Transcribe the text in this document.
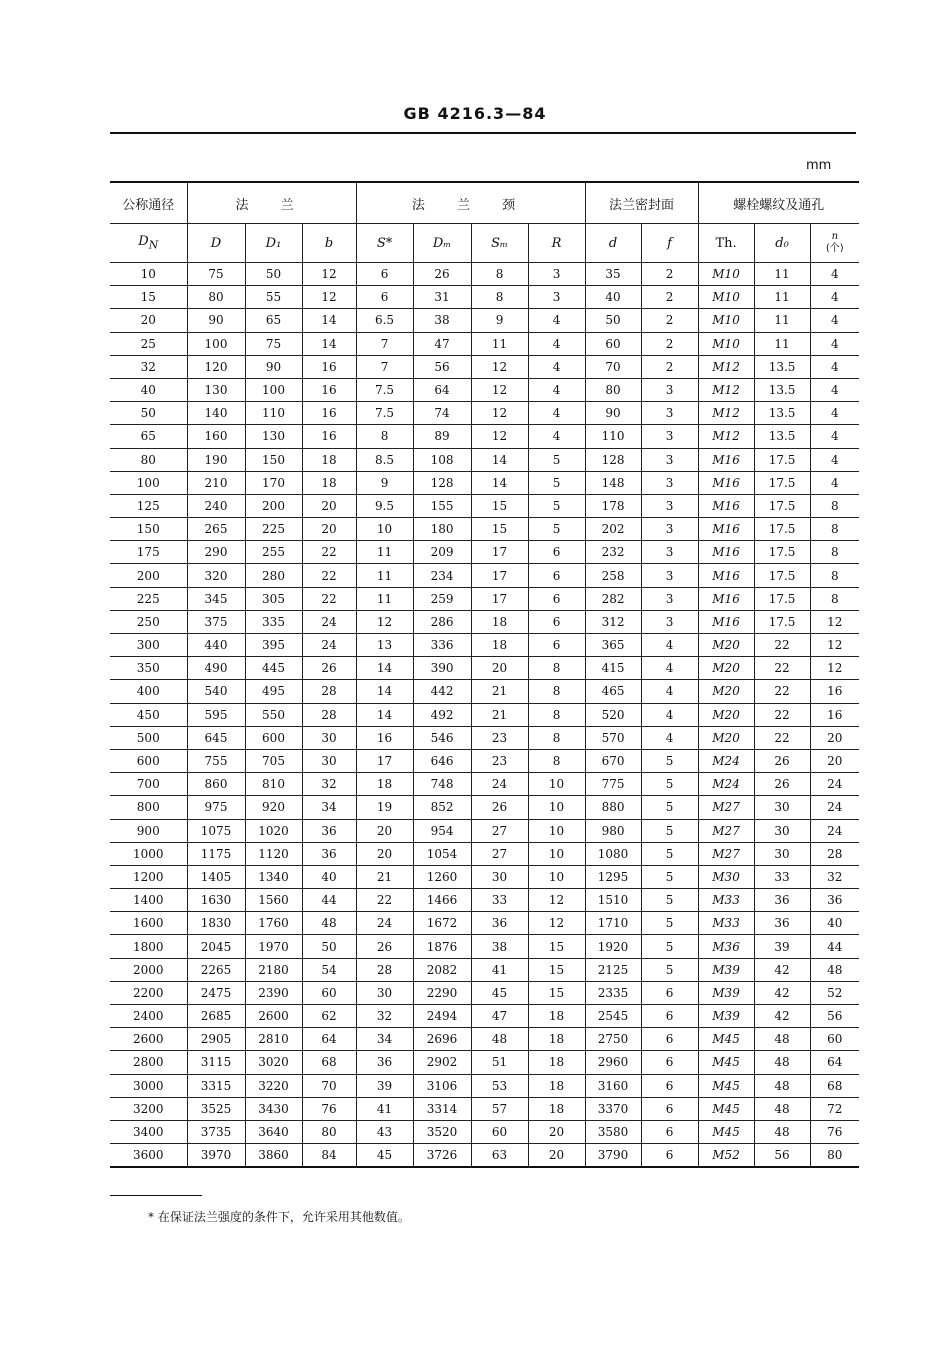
GB 4216.3—84
mm
公称通径	法 兰			法 兰 颈				法兰密封面		螺栓螺纹及通孔		
$D_N$	D	D₁	b	S*	Dₘ	Sₘ	R	d	f	Th.	d₀	n
(个)

10	75	50	12	6	26	8	3	35	2	M10	11	4
15	80	55	12	6	31	8	3	40	2	M10	11	4
20	90	65	14	6.5	38	9	4	50	2	M10	11	4
25	100	75	14	7	47	11	4	60	2	M10	11	4
32	120	90	16	7	56	12	4	70	2	M12	13.5	4
40	130	100	16	7.5	64	12	4	80	3	M12	13.5	4
50	140	110	16	7.5	74	12	4	90	3	M12	13.5	4
65	160	130	16	8	89	12	4	110	3	M12	13.5	4
80	190	150	18	8.5	108	14	5	128	3	M16	17.5	4
100	210	170	18	9	128	14	5	148	3	M16	17.5	4
125	240	200	20	9.5	155	15	5	178	3	M16	17.5	8
150	265	225	20	10	180	15	5	202	3	M16	17.5	8
175	290	255	22	11	209	17	6	232	3	M16	17.5	8
200	320	280	22	11	234	17	6	258	3	M16	17.5	8
225	345	305	22	11	259	17	6	282	3	M16	17.5	8
250	375	335	24	12	286	18	6	312	3	M16	17.5	12
300	440	395	24	13	336	18	6	365	4	M20	22	12
350	490	445	26	14	390	20	8	415	4	M20	22	12
400	540	495	28	14	442	21	8	465	4	M20	22	16
450	595	550	28	14	492	21	8	520	4	M20	22	16
500	645	600	30	16	546	23	8	570	4	M20	22	20
600	755	705	30	17	646	23	8	670	5	M24	26	20
700	860	810	32	18	748	24	10	775	5	M24	26	24
800	975	920	34	19	852	26	10	880	5	M27	30	24
900	1075	1020	36	20	954	27	10	980	5	M27	30	24
1000	1175	1120	36	20	1054	27	10	1080	5	M27	30	28
1200	1405	1340	40	21	1260	30	10	1295	5	M30	33	32
1400	1630	1560	44	22	1466	33	12	1510	5	M33	36	36
1600	1830	1760	48	24	1672	36	12	1710	5	M33	36	40
1800	2045	1970	50	26	1876	38	15	1920	5	M36	39	44
2000	2265	2180	54	28	2082	41	15	2125	5	M39	42	48
2200	2475	2390	60	30	2290	45	15	2335	6	M39	42	52
2400	2685	2600	62	32	2494	47	18	2545	6	M39	42	56
2600	2905	2810	64	34	2696	48	18	2750	6	M45	48	60
2800	3115	3020	68	36	2902	51	18	2960	6	M45	48	64
3000	3315	3220	70	39	3106	53	18	3160	6	M45	48	68
3200	3525	3430	76	41	3314	57	18	3370	6	M45	48	72
3400	3735	3640	80	43	3520	60	20	3580	6	M45	48	76
3600	3970	3860	84	45	3726	63	20	3790	6	M52	56	80
* 在保证法兰强度的条件下，允许采用其他数值。
